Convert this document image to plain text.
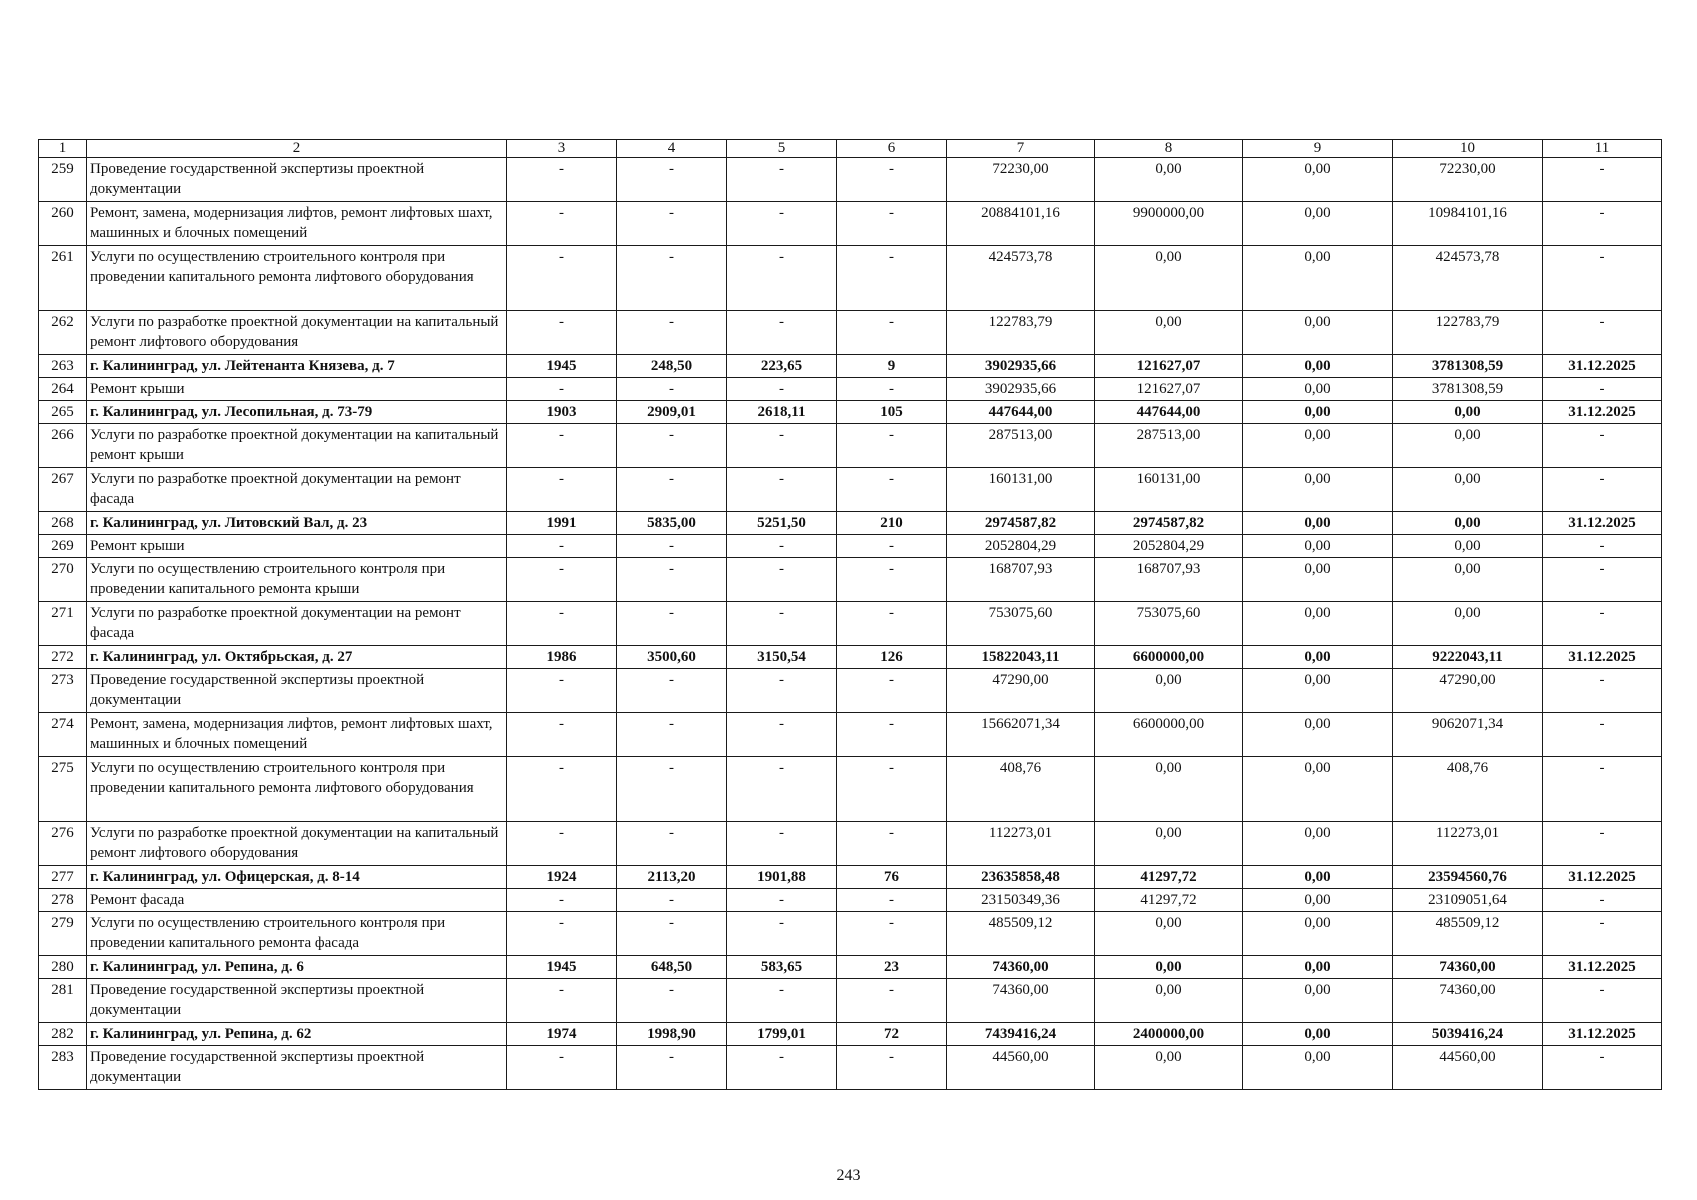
1	2	3	4	5	6	7	8	9	10	11
259	Проведение государственной экспертизы проектной документации	-	-	-	-	72230,00	0,00	0,00	72230,00	-
260	Ремонт, замена, модернизация лифтов, ремонт лифтовых шахт, машинных и блочных помещений	-	-	-	-	20884101,16	9900000,00	0,00	10984101,16	-
261	Услуги по осуществлению строительного контроля при проведении капитального ремонта лифтового оборудования	-	-	-	-	424573,78	0,00	0,00	424573,78	-
262	Услуги по разработке проектной документации на капитальный ремонт лифтового оборудования	-	-	-	-	122783,79	0,00	0,00	122783,79	-
263	г. Калининград, ул. Лейтенанта Князева, д. 7	1945	248,50	223,65	9	3902935,66	121627,07	0,00	3781308,59	31.12.2025
264	Ремонт крыши	-	-	-	-	3902935,66	121627,07	0,00	3781308,59	-
265	г. Калининград, ул. Лесопильная, д. 73-79	1903	2909,01	2618,11	105	447644,00	447644,00	0,00	0,00	31.12.2025
266	Услуги по разработке проектной документации на капитальный ремонт крыши	-	-	-	-	287513,00	287513,00	0,00	0,00	-
267	Услуги по разработке проектной документации на ремонт фасада	-	-	-	-	160131,00	160131,00	0,00	0,00	-
268	г. Калининград, ул. Литовский Вал, д. 23	1991	5835,00	5251,50	210	2974587,82	2974587,82	0,00	0,00	31.12.2025
269	Ремонт крыши	-	-	-	-	2052804,29	2052804,29	0,00	0,00	-
270	Услуги по осуществлению строительного контроля при проведении капитального ремонта крыши	-	-	-	-	168707,93	168707,93	0,00	0,00	-
271	Услуги по разработке проектной документации на ремонт фасада	-	-	-	-	753075,60	753075,60	0,00	0,00	-
272	г. Калининград, ул. Октябрьская, д. 27	1986	3500,60	3150,54	126	15822043,11	6600000,00	0,00	9222043,11	31.12.2025
273	Проведение государственной экспертизы проектной документации	-	-	-	-	47290,00	0,00	0,00	47290,00	-
274	Ремонт, замена, модернизация лифтов, ремонт лифтовых шахт, машинных и блочных помещений	-	-	-	-	15662071,34	6600000,00	0,00	9062071,34	-
275	Услуги по осуществлению строительного контроля при проведении капитального ремонта лифтового оборудования	-	-	-	-	408,76	0,00	0,00	408,76	-
276	Услуги по разработке проектной документации на капитальный ремонт лифтового оборудования	-	-	-	-	112273,01	0,00	0,00	112273,01	-
277	г. Калининград, ул. Офицерская, д. 8-14	1924	2113,20	1901,88	76	23635858,48	41297,72	0,00	23594560,76	31.12.2025
278	Ремонт фасада	-	-	-	-	23150349,36	41297,72	0,00	23109051,64	-
279	Услуги по осуществлению строительного контроля при проведении капитального ремонта фасада	-	-	-	-	485509,12	0,00	0,00	485509,12	-
280	г. Калининград, ул. Репина, д. 6	1945	648,50	583,65	23	74360,00	0,00	0,00	74360,00	31.12.2025
281	Проведение государственной экспертизы проектной документации	-	-	-	-	74360,00	0,00	0,00	74360,00	-
282	г. Калининград, ул. Репина, д. 62	1974	1998,90	1799,01	72	7439416,24	2400000,00	0,00	5039416,24	31.12.2025
283	Проведение государственной экспертизы проектной документации	-	-	-	-	44560,00	0,00	0,00	44560,00	-
243
